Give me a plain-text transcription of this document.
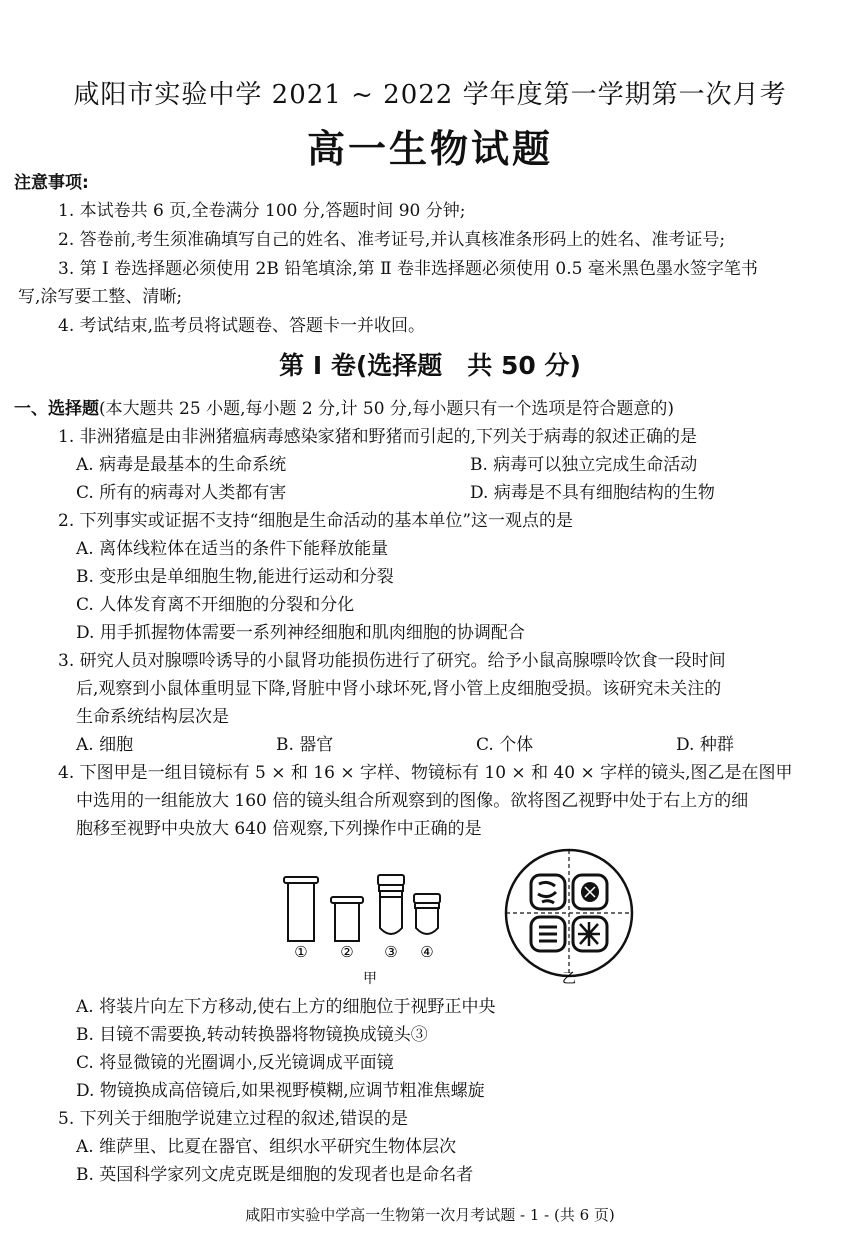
咸阳市实验中学 2021 ~ 2022 学年度第一学期第一次月考
高一生物试题
注意事项:
1. 本试卷共 6 页,全卷满分 100 分,答题时间 90 分钟;
2. 答卷前,考生须准确填写自己的姓名、准考证号,并认真核准条形码上的姓名、准考证号;
3. 第 Ⅰ 卷选择题必须使用 2B 铅笔填涂,第 Ⅱ 卷非选择题必须使用 0.5 毫米黑色墨水签字笔书
写,涂写要工整、清晰;
4. 考试结束,监考员将试题卷、答题卡一并收回。
第 Ⅰ 卷(选择题　共 50 分)
一、选择题(本大题共 25 小题,每小题 2 分,计 50 分,每小题只有一个选项是符合题意的)
1. 非洲猪瘟是由非洲猪瘟病毒感染家猪和野猪而引起的,下列关于病毒的叙述正确的是
A. 病毒是最基本的生命系统	B. 病毒可以独立完成生命活动
C. 所有的病毒对人类都有害	D. 病毒是不具有细胞结构的生物
2. 下列事实或证据不支持“细胞是生命活动的基本单位”这一观点的是
A. 离体线粒体在适当的条件下能释放能量
B. 变形虫是单细胞生物,能进行运动和分裂
C. 人体发育离不开细胞的分裂和分化
D. 用手抓握物体需要一系列神经细胞和肌肉细胞的协调配合
3. 研究人员对腺嘌呤诱导的小鼠肾功能损伤进行了研究。给予小鼠高腺嘌呤饮食一段时间
后,观察到小鼠体重明显下降,肾脏中肾小球坏死,肾小管上皮细胞受损。该研究未关注的
生命系统结构层次是
A. 细胞	B. 器官	C. 个体	D. 种群
4. 下图甲是一组目镜标有 5 × 和 16 × 字样、物镜标有 10 × 和 40 × 字样的镜头,图乙是在图甲
中选用的一组能放大 160 倍的镜头组合所观察到的图像。欲将图乙视野中处于右上方的细
胞移至视野中央放大 640 倍观察,下列操作中正确的是
① ② ③ ④
甲	乙
A. 将装片向左下方移动,使右上方的细胞位于视野正中央
B. 目镜不需要换,转动转换器将物镜换成镜头③
C. 将显微镜的光圈调小,反光镜调成平面镜
D. 物镜换成高倍镜后,如果视野模糊,应调节粗准焦螺旋
5. 下列关于细胞学说建立过程的叙述,错误的是
A. 维萨里、比夏在器官、组织水平研究生物体层次
B. 英国科学家列文虎克既是细胞的发现者也是命名者
咸阳市实验中学高一生物第一次月考试题 - 1 - (共 6 页)
